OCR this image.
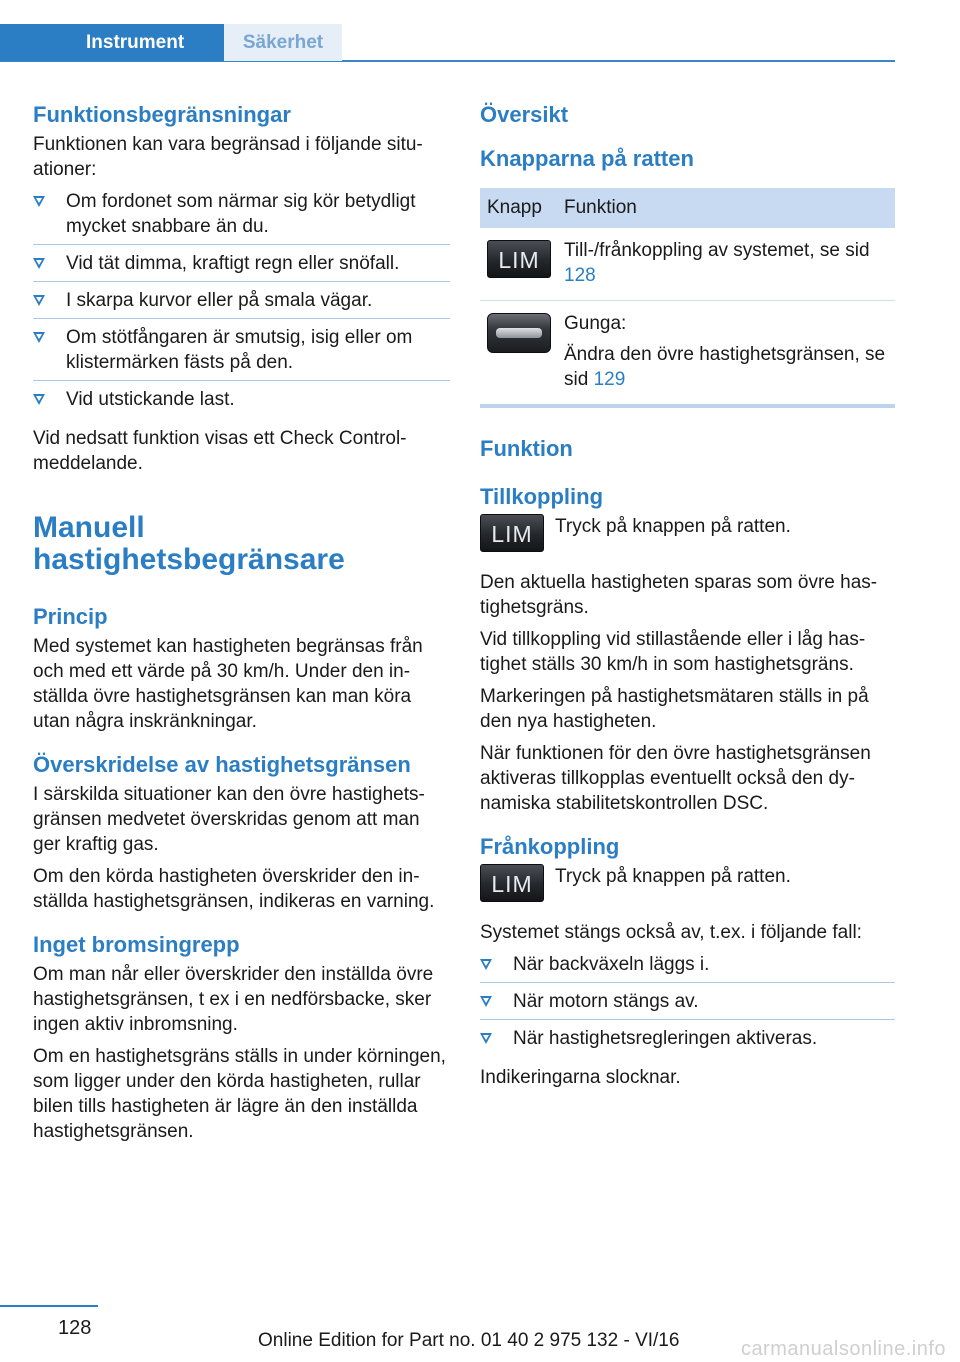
Instrument	Säkerhet
Funktionsbegränsningar
Funktionen kan vara begränsad i följande situationer:
Om fordonet som närmar sig kör betydligt mycket snabbare än du.
Vid tät dimma, kraftigt regn eller snöfall.
I skarpa kurvor eller på smala vägar.
Om stötfångaren är smutsig, isig eller om klistermärken fästs på den.
Vid utstickande last.
Vid nedsatt funktion visas ett Check Control-meddelande.
Manuell
hastighetsbegränsare
Princip
Med systemet kan hastigheten begränsas från och med ett värde på 30 km/h. Under den inställda övre hastighetsgränsen kan man köra utan några inskränkningar.
Överskridelse av hastighetsgränsen
I särskilda situationer kan den övre hastighetsgränsen medvetet överskridas genom att man ger kraftig gas.
Om den körda hastigheten överskrider den inställda hastighetsgränsen, indikeras en varning.
Inget bromsingrepp
Om man når eller överskrider den inställda övre hastighetsgränsen, t ex i en nedförsbacke, sker ingen aktiv inbromsning.
Om en hastighetsgräns ställs in under körningen, som ligger under den körda hastigheten, rullar bilen tills hastigheten är lägre än den inställda hastighetsgränsen.
Översikt
Knapparna på ratten
Knapp	Funktion
LIM	Till-/frånkoppling av systemet, se sid 128
Gunga:
Ändra den övre hastighetsgränsen, se sid 129
Funktion
Tillkoppling
LIM	Tryck på knappen på ratten.
Den aktuella hastigheten sparas som övre hastighetsgräns.
Vid tillkoppling vid stillastående eller i låg hastighet ställs 30 km/h in som hastighetsgräns.
Markeringen på hastighetsmätaren ställs in på den nya hastigheten.
När funktionen för den övre hastighetsgränsen aktiveras tillkopplas eventuellt också den dynamiska stabilitetskontrollen DSC.
Frånkoppling
LIM	Tryck på knappen på ratten.
Systemet stängs också av, t.ex. i följande fall:
När backväxeln läggs i.
När motorn stängs av.
När hastighetsregleringen aktiveras.
Indikeringarna slocknar.
128
Online Edition for Part no. 01 40 2 975 132 - VI/16	carmanualsonline.info
